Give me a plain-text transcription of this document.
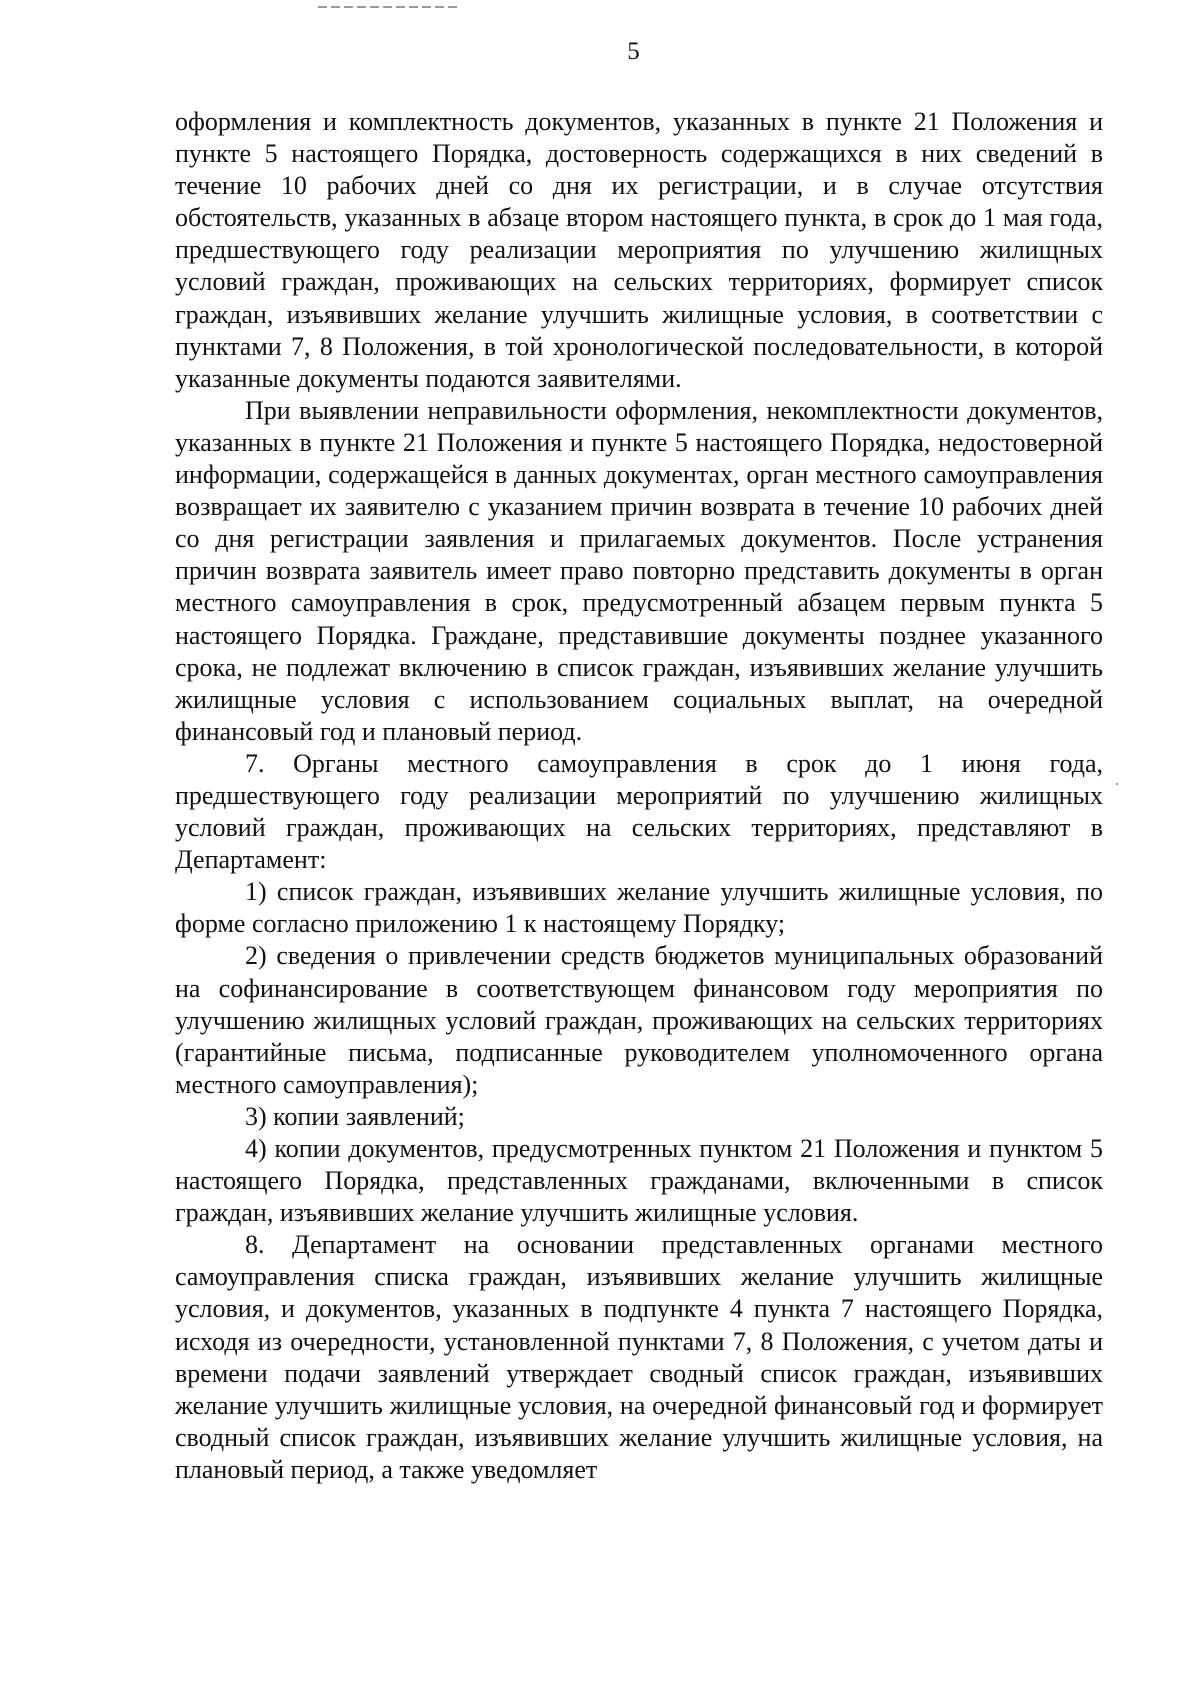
5

оформления и комплектность документов, указанных в пункте 21 Положения и пункте 5 настоящего Порядка, достоверность содержащихся в них сведений в течение 10 рабочих дней со дня их регистрации, и в случае отсутствия обстоятельств, указанных в абзаце втором настоящего пункта, в срок до 1 мая года, предшествующего году реализации мероприятия по улучшению жилищных условий граждан, проживающих на сельских территориях, формирует список граждан, изъявивших желание улучшить жилищные условия, в соответствии с пунктами 7, 8 Положения, в той хронологической последовательности, в которой указанные документы подаются заявителями.

При выявлении неправильности оформления, некомплектности документов, указанных в пункте 21 Положения и пункте 5 настоящего Порядка, недостоверной информации, содержащейся в данных документах, орган местного самоуправления возвращает их заявителю с указанием причин возврата в течение 10 рабочих дней со дня регистрации заявления и прилагаемых документов. После устранения причин возврата заявитель имеет право повторно представить документы в орган местного самоуправления в срок, предусмотренный абзацем первым пункта 5 настоящего Порядка. Граждане, представившие документы позднее указанного срока, не подлежат включению в список граждан, изъявивших желание улучшить жилищные условия с использованием социальных выплат, на очередной финансовый год и плановый период.

7. Органы местного самоуправления в срок до 1 июня года, предшествующего году реализации мероприятий по улучшению жилищных условий граждан, проживающих на сельских территориях, представляют в Департамент:

1) список граждан, изъявивших желание улучшить жилищные условия, по форме согласно приложению 1 к настоящему Порядку;

2) сведения о привлечении средств бюджетов муниципальных образований на софинансирование в соответствующем финансовом году мероприятия по улучшению жилищных условий граждан, проживающих на сельских территориях (гарантийные письма, подписанные руководителем уполномоченного органа местного самоуправления);

3) копии заявлений;

4) копии документов, предусмотренных пунктом 21 Положения и пунктом 5 настоящего Порядка, представленных гражданами, включенными в список граждан, изъявивших желание улучшить жилищные условия.

8. Департамент на основании представленных органами местного самоуправления списка граждан, изъявивших желание улучшить жилищные условия, и документов, указанных в подпункте 4 пункта 7 настоящего Порядка, исходя из очередности, установленной пунктами 7, 8 Положения, с учетом даты и времени подачи заявлений утверждает сводный список граждан, изъявивших желание улучшить жилищные условия, на очередной финансовый год и формирует сводный список граждан, изъявивших желание улучшить жилищные условия, на плановый период, а также уведомляет
